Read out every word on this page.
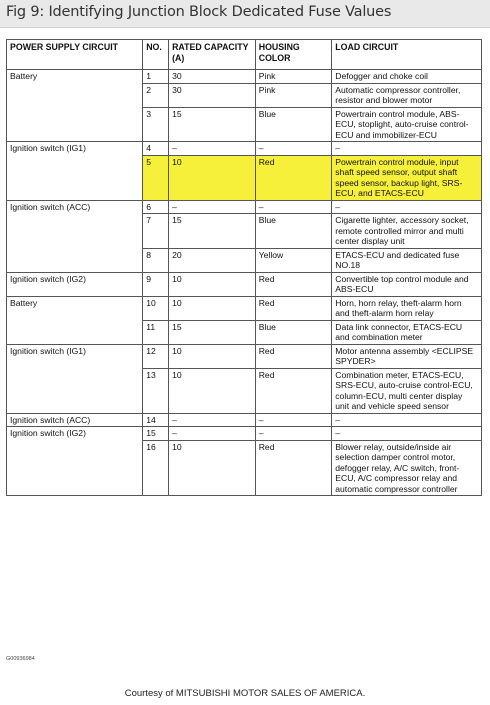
Fig 9: Identifying Junction Block Dedicated Fuse Values
POWER SUPPLY CIRCUIT	NO.	RATED CAPACITY (A)	HOUSING COLOR	LOAD CIRCUIT
Battery	1	30	Pink	Defogger and choke coil
	2	30	Pink	Automatic compressor controller, resistor and blower motor
	3	15	Blue	Powertrain control module, ABS-ECU, stoplight, auto-cruise control-ECU and immobilizer-ECU
Ignition switch (IG1)	4	–	–	–
	5	10	Red	Powertrain control module, input shaft speed sensor, output shaft speed sensor, backup light, SRS-ECU, and ETACS-ECU
Ignition switch (ACC)	6	–	–	–
	7	15	Blue	Cigarette lighter, accessory socket, remote controlled mirror and multi center display unit
	8	20	Yellow	ETACS-ECU and dedicated fuse NO.18
Ignition switch (IG2)	9	10	Red	Convertible top control module and ABS-ECU
Battery	10	10	Red	Horn, horn relay, theft-alarm horn and theft-alarm horn relay
	11	15	Blue	Data link connector, ETACS-ECU and combination meter
Ignition switch (IG1)	12	10	Red	Motor antenna assembly <ECLIPSE SPYDER>
	13	10	Red	Combination meter, ETACS-ECU, SRS-ECU, auto-cruise control-ECU, column-ECU, multi center display unit and vehicle speed sensor
Ignition switch (ACC)	14	–	–	–
Ignition switch (IG2)	15	–	–	–
	16	10	Red	Blower relay, outside/inside air selection damper control motor, defogger relay, A/C switch, front-ECU, A/C compressor relay and automatic compressor controller
G00936984
Courtesy of MITSUBISHI MOTOR SALES OF AMERICA.
